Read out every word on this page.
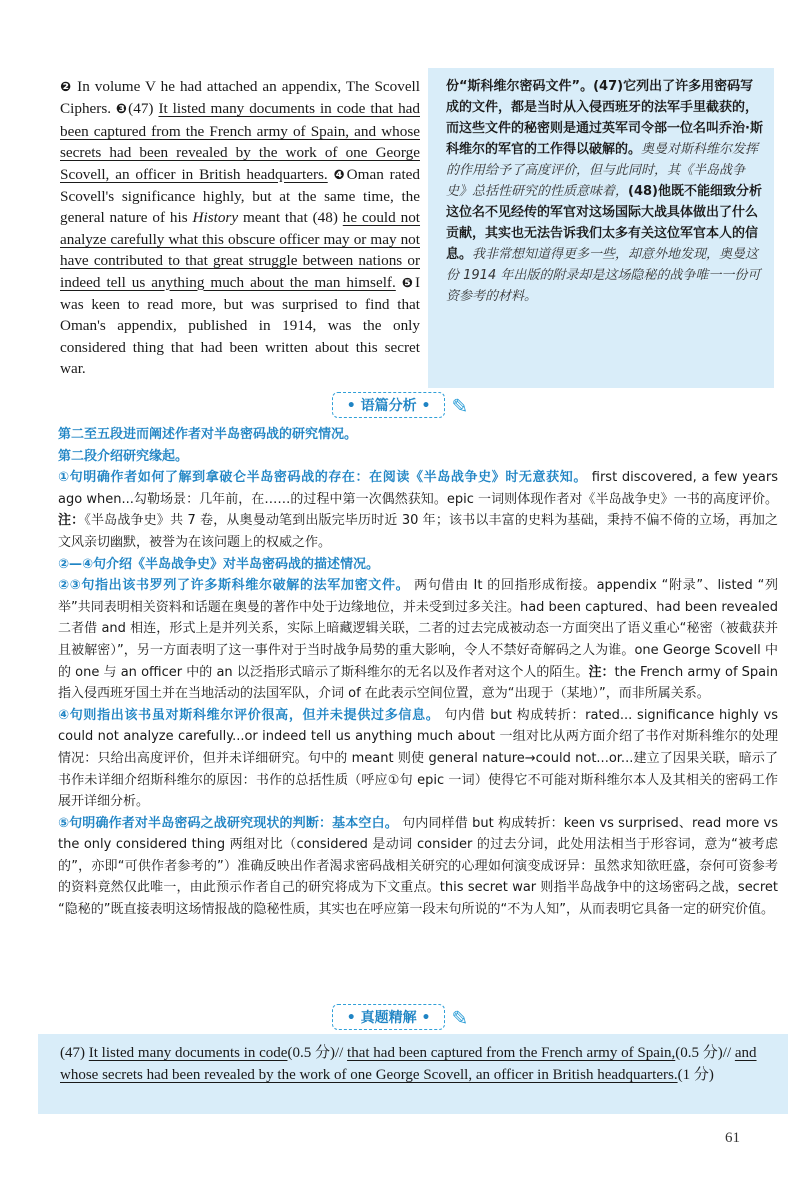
❷ In volume V he had attached an appendix, The Scovell Ciphers. ❸(47) It listed many documents in code that had been captured from the French army of Spain, and whose secrets had been revealed by the work of one George Scovell, an officer in British headquarters. ❹Oman rated Scovell's significance highly, but at the same time, the general nature of his History meant that (48) he could not analyze carefully what this obscure officer may or may not have contributed to that great struggle between nations or indeed tell us anything much about the man himself. ❺I was keen to read more, but was surprised to find that Oman's appendix, published in 1914, was the only considered thing that had been written about this secret war.
份“斯科维尔密码文件”。(47)它列出了许多用密码写成的文件，都是当时从入侵西班牙的法军手里截获的，而这些文件的秘密则是通过英军司令部一位名叫乔治·斯科维尔的军官的工作得以破解的。奥曼对斯科维尔发挥的作用给予了高度评价，但与此同时，其《半岛战争史》总括性研究的性质意味着，(48)他既不能细致分析这位名不见经传的军官对这场国际大战具体做出了什么贡献，其实也无法告诉我们太多有关这位军官本人的信息。我非常想知道得更多一些，却意外地发现，奥曼这份 1914 年出版的附录却是这场隐秘的战争唯一一份可资参考的材料。
• 语篇分析 • ✎

第二至五段进而阐述作者对半岛密码战的研究情况。

第二段介绍研究缘起。

①句明确作者如何了解到拿破仑半岛密码战的存在：在阅读《半岛战争史》时无意获知。 first discovered, a few years ago when...勾勒场景：几年前，在……的过程中第一次偶然获知。epic 一词则体现作者对《半岛战争史》一书的高度评价。注：《半岛战争史》共 7 卷，从奥曼动笔到出版完毕历时近 30 年；该书以丰富的史料为基础，秉持不偏不倚的立场，再加之文风亲切幽默，被誉为在该问题上的权威之作。

②—④句介绍《半岛战争史》对半岛密码战的描述情况。

②③句指出该书罗列了许多斯科维尔破解的法军加密文件。 两句借由 It 的回指形成衔接。appendix “附录”、listed “列举”共同表明相关资料和话题在奥曼的著作中处于边缘地位，并未受到过多关注。had been captured、had been revealed 二者借 and 相连，形式上是并列关系，实际上暗藏逻辑关联，二者的过去完成被动态一方面突出了语义重心“秘密（被截获并且被解密）”，另一方面表明了这一事件对于当时战争局势的重大影响，令人不禁好奇解码之人为谁。one George Scovell 中的 one 与 an officer 中的 an 以泛指形式暗示了斯科维尔的无名以及作者对这个人的陌生。注：the French army of Spain 指入侵西班牙国土并在当地活动的法国军队，介词 of 在此表示空间位置，意为“出现于（某地）”，而非所属关系。

④句则指出该书虽对斯科维尔评价很高，但并未提供过多信息。 句内借 but 构成转折：rated... significance highly vs could not analyze carefully...or indeed tell us anything much about 一组对比从两方面介绍了书作对斯科维尔的处理情况：只给出高度评价，但并未详细研究。句中的 meant 则使 general nature→could not...or...建立了因果关联，暗示了书作未详细介绍斯科维尔的原因：书作的总括性质（呼应①句 epic 一词）使得它不可能对斯科维尔本人及其相关的密码工作展开详细分析。

⑤句明确作者对半岛密码之战研究现状的判断：基本空白。 句内同样借 but 构成转折：keen vs surprised、read more vs the only considered thing 两组对比（considered 是动词 consider 的过去分词，此处用法相当于形容词，意为“被考虑的”，亦即“可供作者参考的”）准确反映出作者渴求密码战相关研究的心理如何演变成讶异：虽然求知欲旺盛，奈何可资参考的资料竟然仅此唯一，由此预示作者自己的研究将成为下文重点。this secret war 则指半岛战争中的这场密码之战，secret “隐秘的”既直接表明这场情报战的隐秘性质，其实也在呼应第一段末句所说的“不为人知”，从而表明它具备一定的研究价值。

• 真题精解 • ✎
(47) It listed many documents in code(0.5 分)// that had been captured from the French army of Spain,(0.5 分)// and whose secrets had been revealed by the work of one George Scovell, an officer in British headquarters.(1 分)
61
